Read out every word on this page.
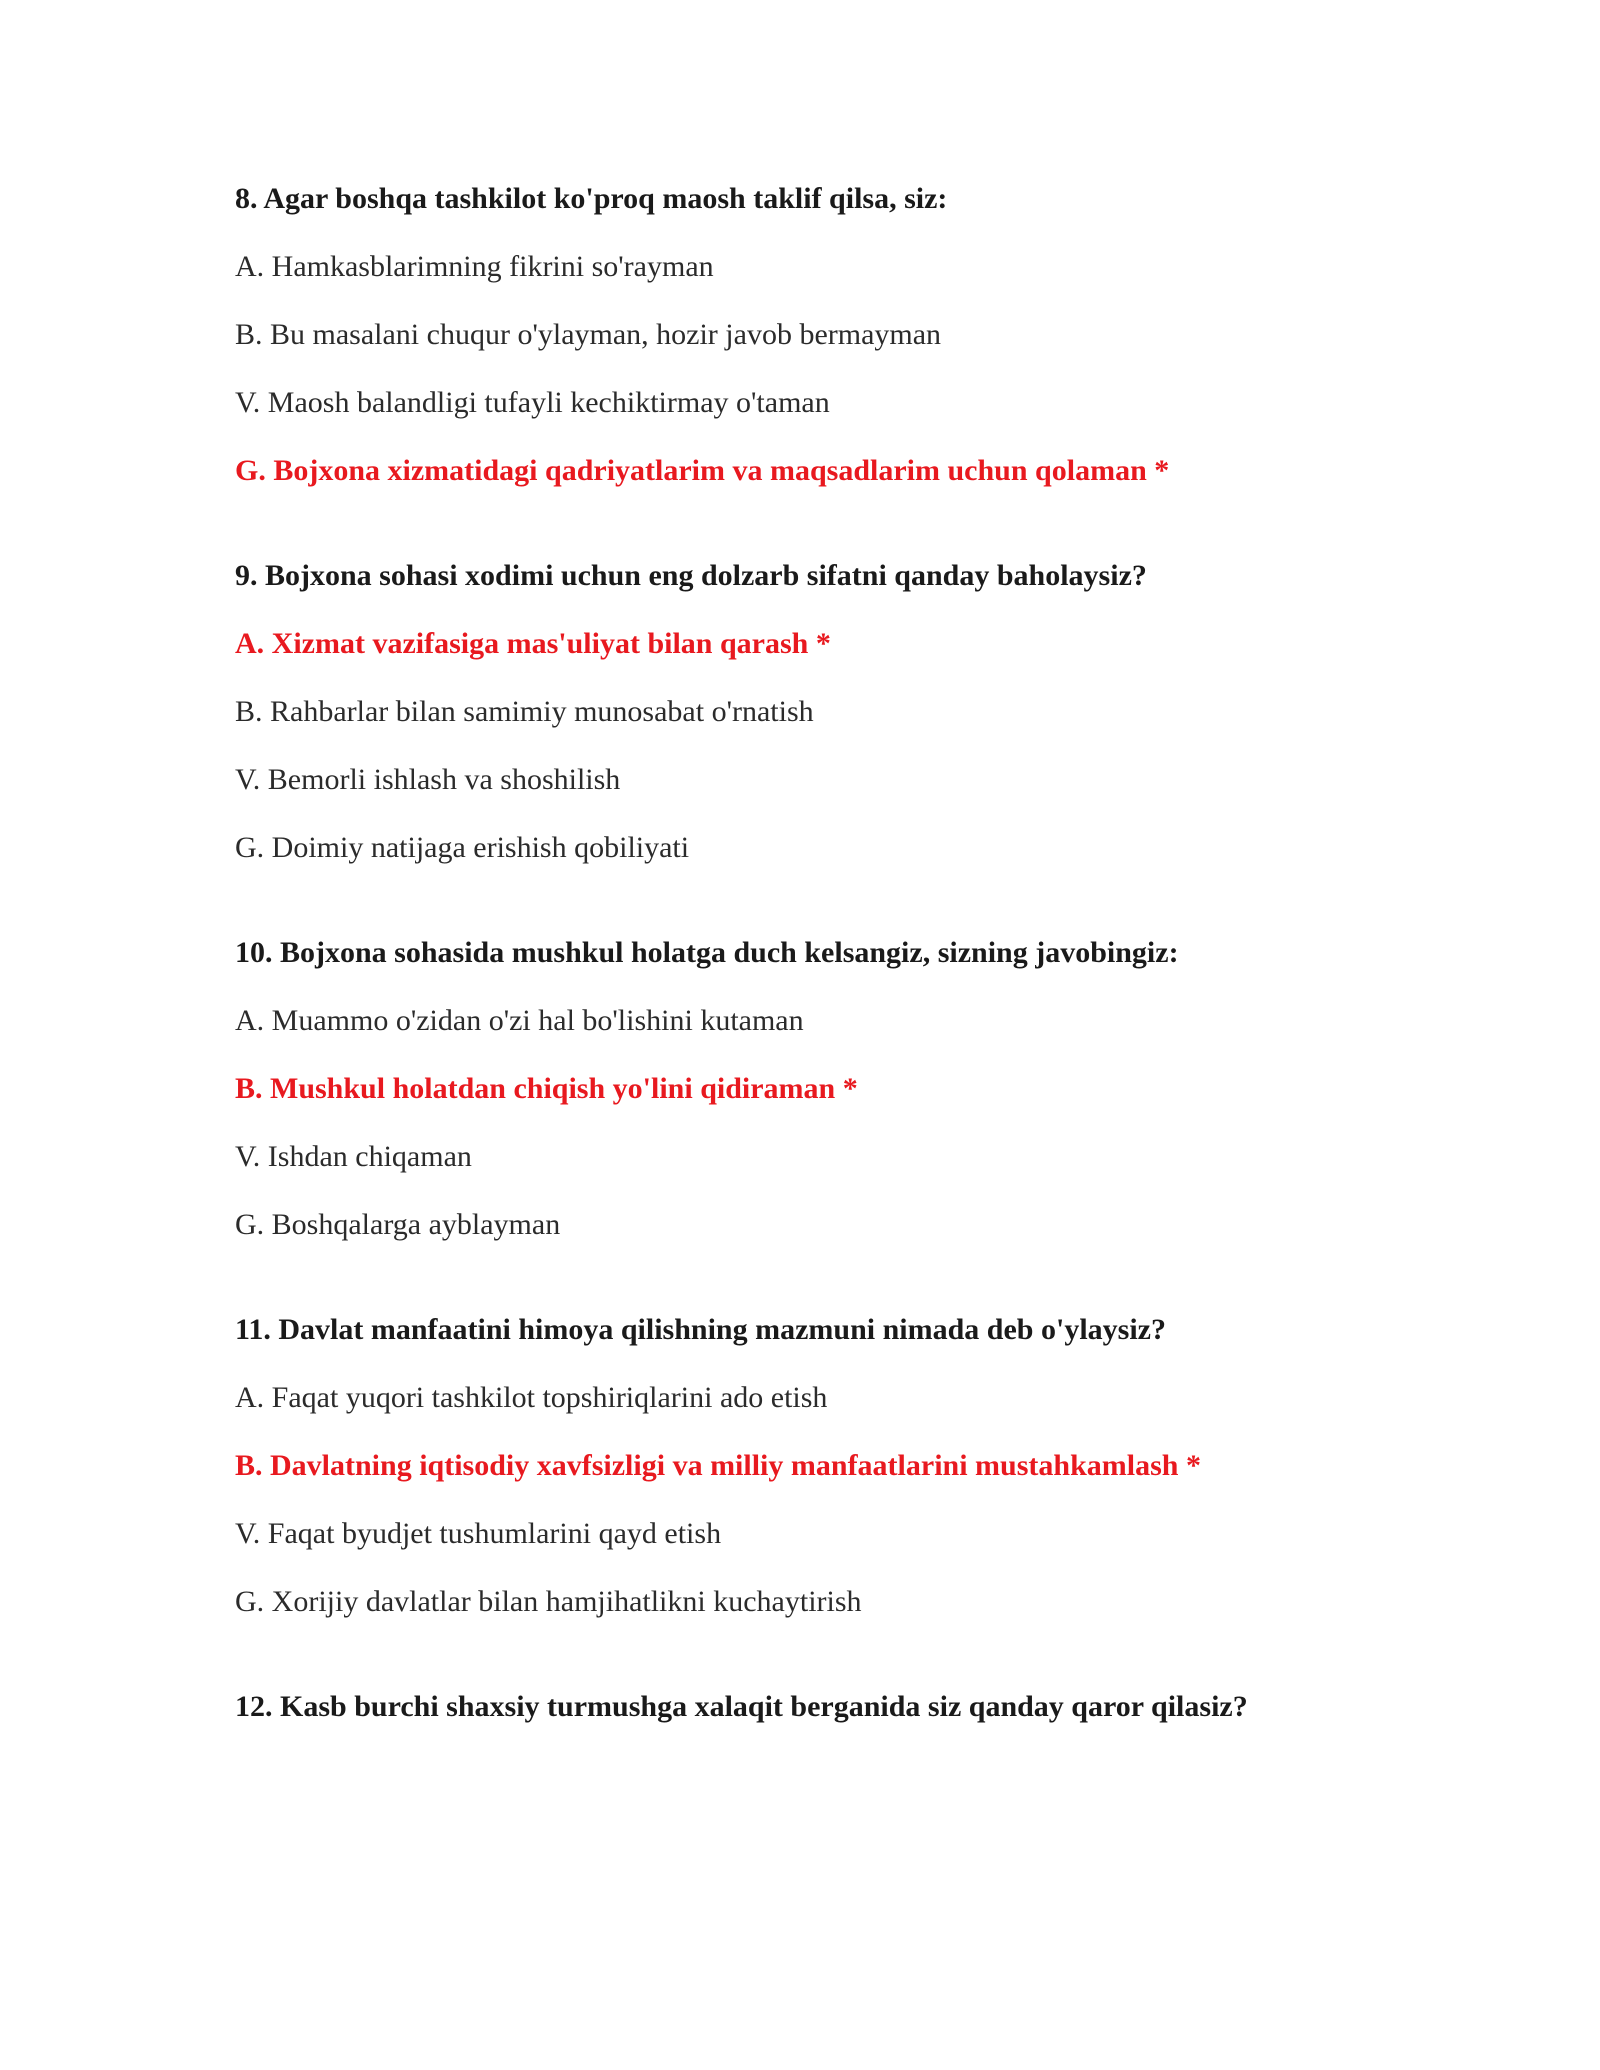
8. Agar boshqa tashkilot ko'proq maosh taklif qilsa, siz:
A. Hamkasblarimning fikrini so'rayman
B. Bu masalani chuqur o'ylayman, hozir javob bermayman
V. Maosh balandligi tufayli kechiktirmay o'taman
G. Bojxona xizmatidagi qadriyatlarim va maqsadlarim uchun qolaman *
9. Bojxona sohasi xodimi uchun eng dolzarb sifatni qanday baholaysiz?
A. Xizmat vazifasiga mas'uliyat bilan qarash *
B. Rahbarlar bilan samimiy munosabat o'rnatish
V. Bemorli ishlash va shoshilish
G. Doimiy natijaga erishish qobiliyati
10. Bojxona sohasida mushkul holatga duch kelsangiz, sizning javobingiz:
A. Muammo o'zidan o'zi hal bo'lishini kutaman
B. Mushkul holatdan chiqish yo'lini qidiraman *
V. Ishdan chiqaman
G. Boshqalarga ayblayman
11. Davlat manfaatini himoya qilishning mazmuni nimada deb o'ylaysiz?
A. Faqat yuqori tashkilot topshiriqlarini ado etish
B. Davlatning iqtisodiy xavfsizligi va milliy manfaatlarini mustahkamlash *
V. Faqat byudjet tushumlarini qayd etish
G. Xorijiy davlatlar bilan hamjihatlikni kuchaytirish
12. Kasb burchi shaxsiy turmushga xalaqit berganida siz qanday qaror qilasiz?
